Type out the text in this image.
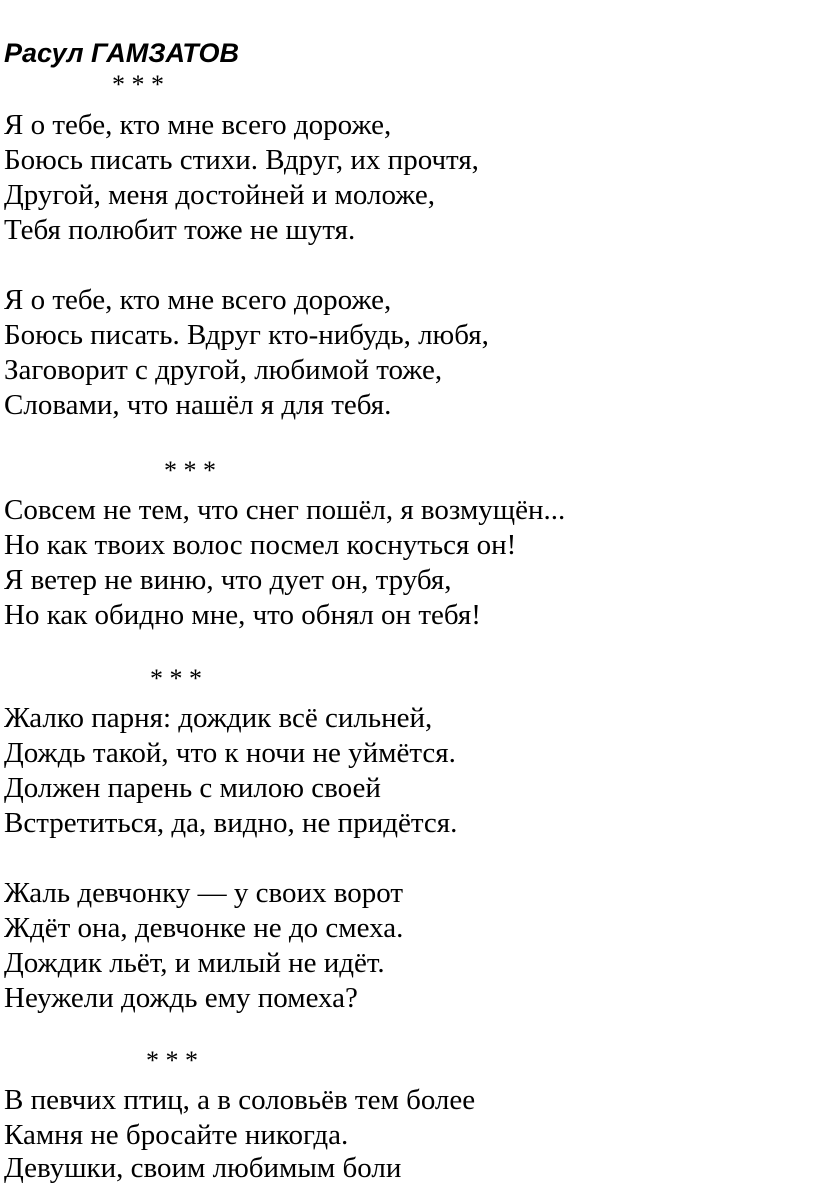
Расул ГАМЗАТОВ
* * *

Я о тебе, кто мне всего дороже,

Боюсь писать стихи. Вдруг, их прочтя,

Другой, меня достойней и моложе,

Тебя полюбит тоже не шутя.

Я о тебе, кто мне всего дороже,

Боюсь писать. Вдруг кто-нибудь, любя,

Заговорит с другой, любимой тоже,

Словами, что нашёл я для тебя.

* * *

Совсем не тем, что снег пошёл, я возмущён...

Но как твоих волос посмел коснуться он!

Я ветер не виню, что дует он, трубя,

Но как обидно мне, что обнял он тебя!

* * *

Жалко парня: дождик всё сильней,

Дождь такой, что к ночи не уймётся.

Должен парень с милою своей

Встретиться, да, видно, не придётся.

Жаль девчонку — у своих ворот

Ждёт она, девчонке не до смеха.

Дождик льёт, и милый не идёт.

Неужели дождь ему помеха?

* * *

В певчих птиц, а в соловьёв тем более

Камня не бросайте никогда.

Девушки, своим любимым боли
